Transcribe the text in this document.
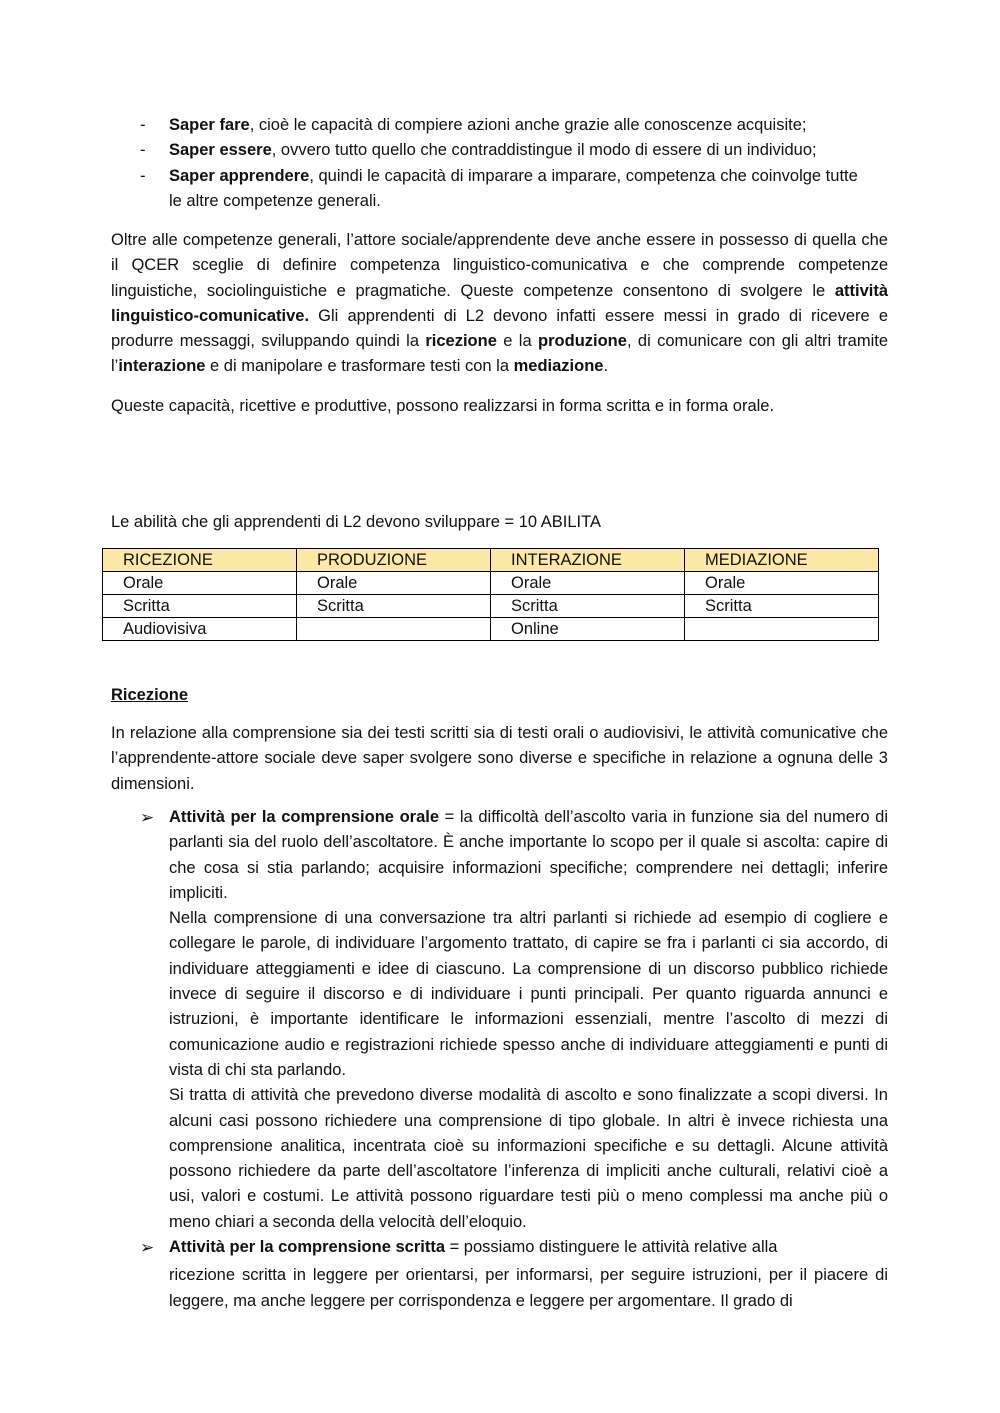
-	Saper fare, cioè le capacità di compiere azioni anche grazie alle conoscenze acquisite;
-	Saper essere, ovvero tutto quello che contraddistingue il modo di essere di un individuo;
-	Saper apprendere, quindi le capacità di imparare a imparare, competenza che coinvolge tutte le altre competenze generali.

Oltre alle competenze generali, l’attore sociale/apprendente deve anche essere in possesso di quella che il QCER sceglie di definire competenza linguistico-comunicativa e che comprende competenze linguistiche, sociolinguistiche e pragmatiche. Queste competenze consentono di svolgere le attività linguistico-comunicative. Gli apprendenti di L2 devono infatti essere messi in grado di ricevere e produrre messaggi, sviluppando quindi la ricezione e la produzione, di comunicare con gli altri tramite l’interazione e di manipolare e trasformare testi con la mediazione.

Queste capacità, ricettive e produttive, possono realizzarsi in forma scritta e in forma orale.

Le abilità che gli apprendenti di L2 devono sviluppare = 10 ABILITA
RICEZIONE	PRODUZIONE	INTERAZIONE	MEDIAZIONE
Orale	Orale	Orale	Orale
Scritta	Scritta	Scritta	Scritta
Audiovisiva		Online	
Ricezione

In relazione alla comprensione sia dei testi scritti sia di testi orali o audiovisivi, le attività comunicative che l’apprendente-attore sociale deve saper svolgere sono diverse e specifiche in relazione a ognuna delle 3 dimensioni.

➢ Attività per la comprensione orale = la difficoltà dell’ascolto varia in funzione sia del numero di parlanti sia del ruolo dell’ascoltatore. È anche importante lo scopo per il quale si ascolta: capire di che cosa si stia parlando; acquisire informazioni specifiche; comprendere nei dettagli; inferire impliciti.

Nella comprensione di una conversazione tra altri parlanti si richiede ad esempio di cogliere e collegare le parole, di individuare l’argomento trattato, di capire se fra i parlanti ci sia accordo, di individuare atteggiamenti e idee di ciascuno. La comprensione di un discorso pubblico richiede invece di seguire il discorso e di individuare i punti principali. Per quanto riguarda annunci e istruzioni, è importante identificare le informazioni essenziali, mentre l’ascolto di mezzi di comunicazione audio e registrazioni richiede spesso anche di individuare atteggiamenti e punti di vista di chi sta parlando.

Si tratta di attività che prevedono diverse modalità di ascolto e sono finalizzate a scopi diversi. In alcuni casi possono richiedere una comprensione di tipo globale. In altri è invece richiesta una comprensione analitica, incentrata cioè su informazioni specifiche e su dettagli. Alcune attività possono richiedere da parte dell’ascoltatore l’inferenza di impliciti anche culturali, relativi cioè a usi, valori e costumi. Le attività possono riguardare testi più o meno complessi ma anche più o meno chiari a seconda della velocità dell’eloquio.

➢ Attività per la comprensione scritta = possiamo distinguere le attività relative alla

ricezione scritta in leggere per orientarsi, per informarsi, per seguire istruzioni, per il piacere di leggere, ma anche leggere per corrispondenza e leggere per argomentare. Il grado di
